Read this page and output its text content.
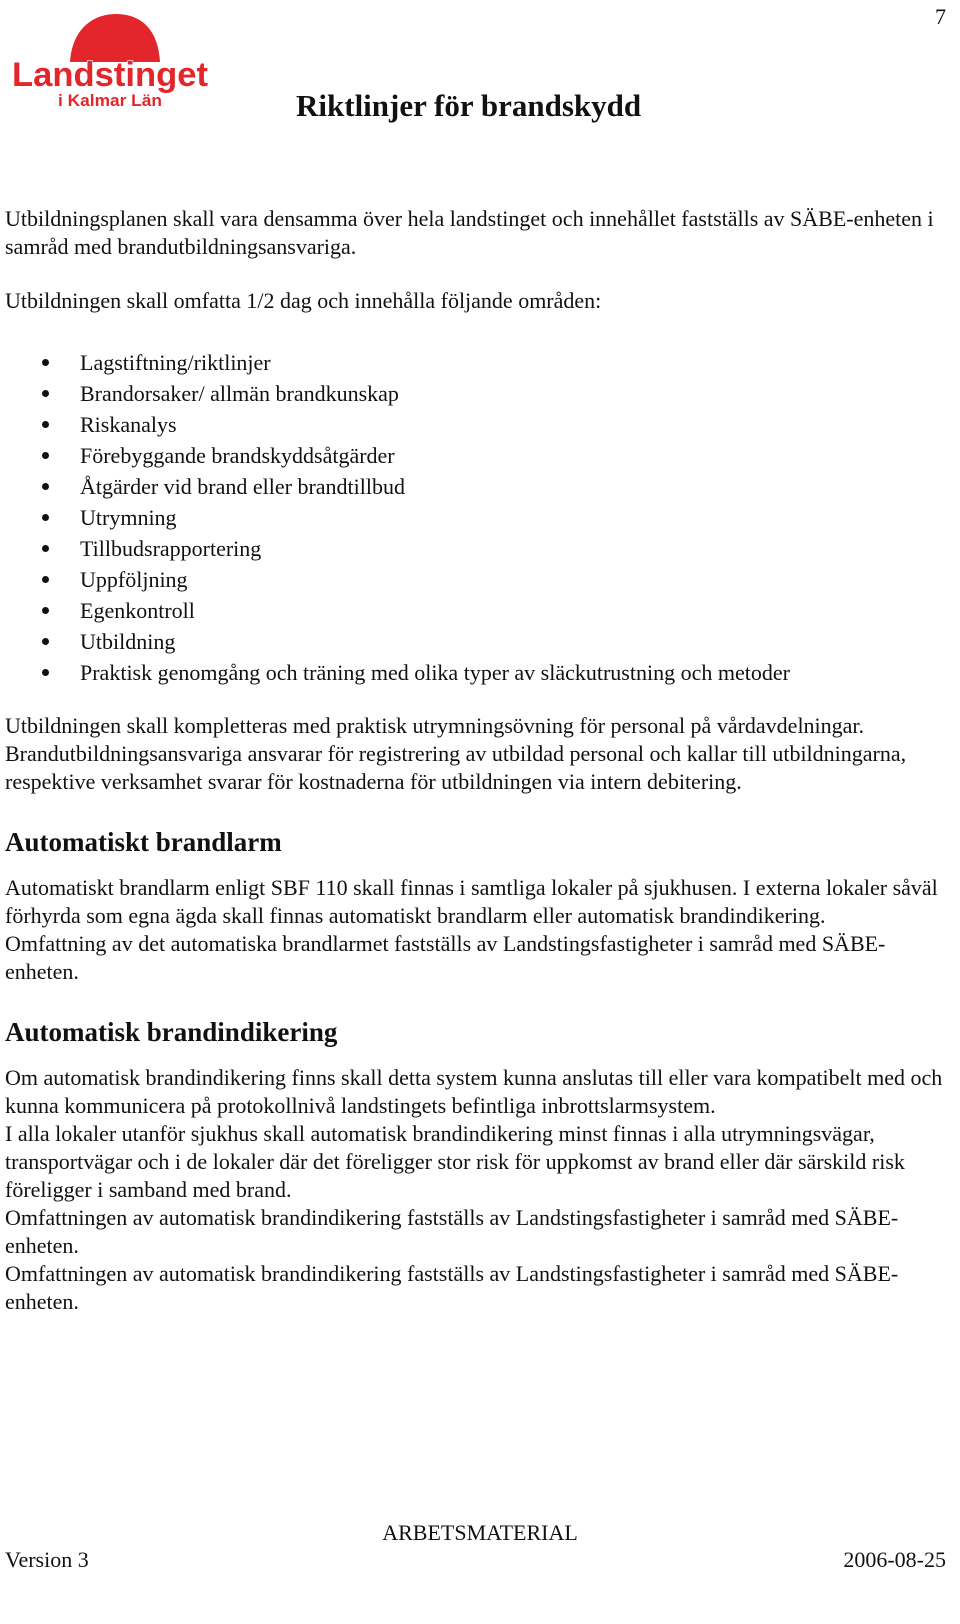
7
Landstinget
i Kalmar Län	Riktlinjer för brandskydd

Utbildningsplanen skall vara densamma över hela landstinget och innehållet fastställs av SÄBE-enheten i samråd med brandutbildningsansvariga.

Utbildningen skall omfatta 1/2 dag och innehålla följande områden:

Lagstiftning/riktlinjer
Brandorsaker/ allmän brandkunskap
Riskanalys
Förebyggande brandskyddsåtgärder
Åtgärder vid brand eller brandtillbud
Utrymning
Tillbudsrapportering
Uppföljning
Egenkontroll
Utbildning
Praktisk genomgång och träning med olika typer av släckutrustning och metoder

Utbildningen skall kompletteras med praktisk utrymningsövning för personal på vårdavdelningar.

Brandutbildningsansvariga ansvarar för registrering av utbildad personal och kallar till utbildningarna, respektive verksamhet svarar för kostnaderna för utbildningen via intern debitering.

Automatiskt brandlarm

Automatiskt brandlarm enligt SBF 110 skall finnas i samtliga lokaler på sjukhusen. I externa lokaler såväl förhyrda som egna ägda skall finnas automatiskt brandlarm eller automatisk brandindikering.

Omfattning av det automatiska brandlarmet fastställs av Landstingsfastigheter i samråd med SÄBE-enheten.

Automatisk brandindikering

Om automatisk brandindikering finns skall detta system kunna anslutas till eller vara kompatibelt med och kunna kommunicera på protokollnivå landstingets befintliga inbrottslarmsystem.

I alla lokaler utanför sjukhus skall automatisk brandindikering minst finnas i alla utrymningsvägar, transportvägar och i de lokaler där det föreligger stor risk för uppkomst av brand eller där särskild risk föreligger i samband med brand.

Omfattningen av automatisk brandindikering fastställs av Landstingsfastigheter i samråd med SÄBE-enheten.

Omfattningen av automatisk brandindikering fastställs av Landstingsfastigheter i samråd med SÄBE-enheten.

ARBETSMATERIAL
Version 3	2006-08-25
